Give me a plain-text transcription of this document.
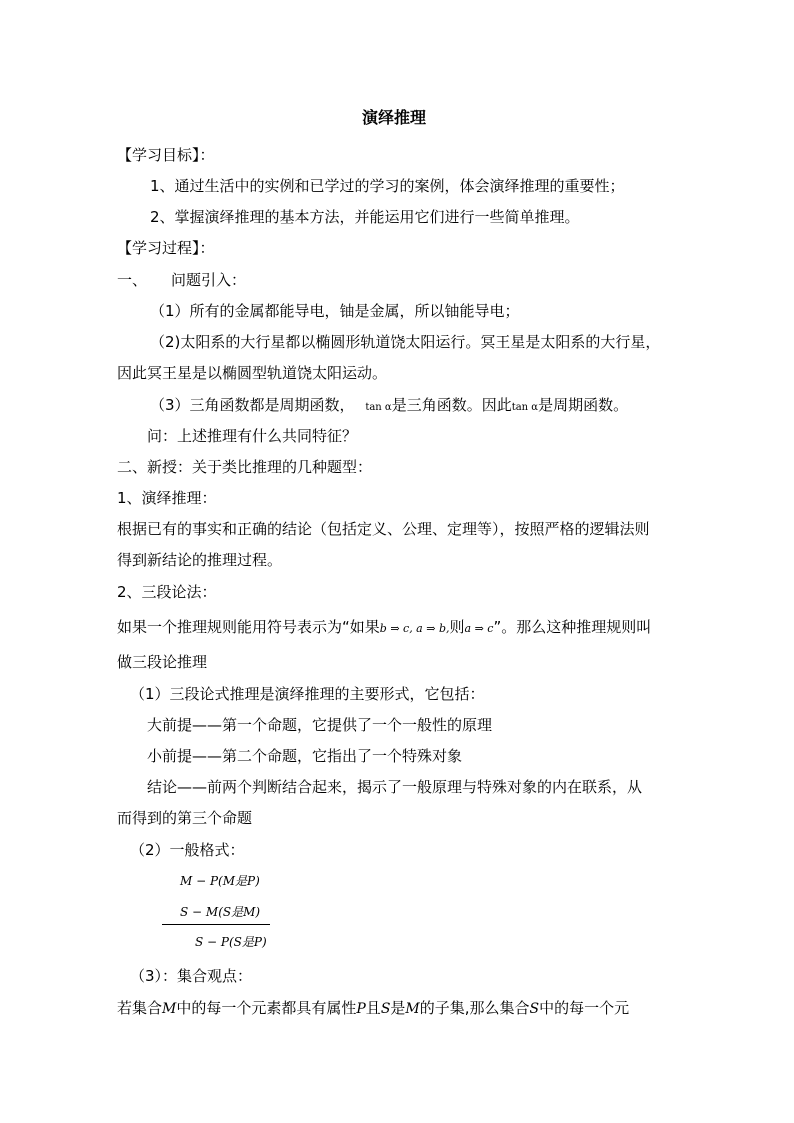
演绎推理
【学习目标】：
1、通过生活中的实例和已学过的学习的案例，体会演绎推理的重要性；
2、掌握演绎推理的基本方法，并能运用它们进行一些简单推理。
【学习过程】：
一、 问题引入：
（1）所有的金属都能导电，铀是金属，所以铀能导电；
（2)太阳系的大行星都以椭圆形轨道饶太阳运行。冥王星是太阳系的大行星，
因此冥王星是以椭圆型轨道饶太阳运动。
（3）三角函数都是周期函数， tan α是三角函数。因此tan α是周期函数。
问：上述推理有什么共同特征？
二、新授：关于类比推理的几种题型：
1、演绎推理：
根据已有的事实和正确的结论（包括定义、公理、定理等），按照严格的逻辑法则
得到新结论的推理过程。
2、三段论法：
如果一个推理规则能用符号表示为“如果b ⇒ c, a ⇒ b,则a ⇒ c”。那么这种推理规则叫
做三段论推理
（1）三段论式推理是演绎推理的主要形式，它包括：
大前提——第一个命题，它提供了一个一般性的原理
小前提——第二个命题，它指出了一个特殊对象
结论——前两个判断结合起来，揭示了一般原理与特殊对象的内在联系，从
而得到的第三个命题
（2）一般格式：
M − P(M是P)
S − M(S是M)
S − P(S是P)
（3）：集合观点：
若集合M中的每一个元素都具有属性P且S是M的子集,那么集合S中的每一个元
